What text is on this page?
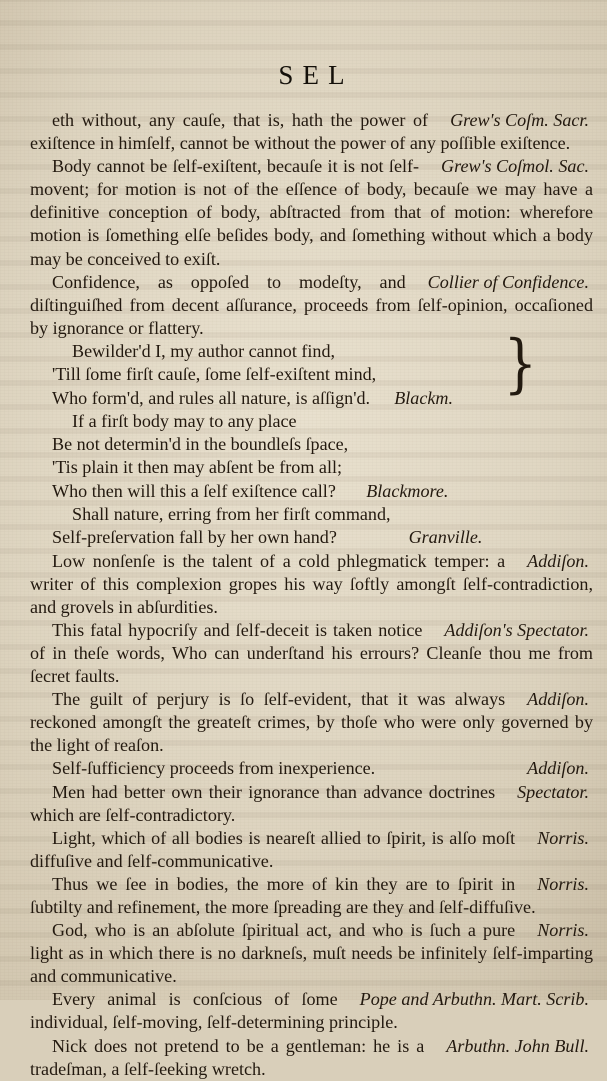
SEL
Grew's Coſm. Sacr.
eth without, any cauſe, that is, hath the power of exiſtence in himſelf, cannot be without the power of any poſſible exiſtence.
Grew's Coſmol. Sac.
Body cannot be ſelf-exiſtent, becauſe it is not ſelf-movent; for motion is not of the eſſence of body, becauſe we may have a definitive conception of body, abſtracted from that of motion: wherefore motion is ſomething elſe beſides body, and ſomething without which a body may be conceived to exiſt.
Collier of Confidence.
Confidence, as oppoſed to modeſty, and diſtinguiſhed from decent aſſurance, proceeds from ſelf-opinion, occaſioned by ignorance or flattery.
Bewilder'd I, my author cannot find,
'Till ſome firſt cauſe, ſome ſelf-exiſtent mind,
Who form'd, and rules all nature, is aſſign'd.	Blackm. }
If a firſt body may to any place
Be not determin'd in the boundleſs ſpace,
'Tis plain it then may abſent be from all;
Who then will this a ſelf exiſtence call?	Blackmore.
Shall nature, erring from her firſt command,
Self-preſervation fall by her own hand?	Granville.
Addiſon.
Low nonſenſe is the talent of a cold phlegmatick temper: a writer of this complexion gropes his way ſoftly amongſt ſelf-contradiction, and grovels in abſurdities.
Addiſon's Spectator.
This fatal hypocriſy and ſelf-deceit is taken notice of in theſe words, Who can underſtand his errours? Cleanſe thou me from ſecret faults.
Addiſon.
The guilt of perjury is ſo ſelf-evident, that it was always reckoned amongſt the greateſt crimes, by thoſe who were only governed by the light of reaſon.
Addiſon.
Self-ſufficiency proceeds from inexperience.
Spectator.
Men had better own their ignorance than advance doctrines which are ſelf-contradictory.
Norris.
Light, which of all bodies is neareſt allied to ſpirit, is alſo moſt diffuſive and ſelf-communicative.
Norris.
Thus we ſee in bodies, the more of kin they are to ſpirit in ſubtilty and refinement, the more ſpreading are they and ſelf-diffuſive.
Norris.
God, who is an abſolute ſpiritual act, and who is ſuch a pure light as in which there is no darkneſs, muſt needs be infinitely ſelf-imparting and communicative.
Pope and Arbuthn. Mart. Scrib.
Every animal is conſcious of ſome individual, ſelf-moving, ſelf-determining principle.
Arbuthn. John Bull.
Nick does not pretend to be a gentleman: he is a tradeſman, a ſelf-ſeeking wretch.
